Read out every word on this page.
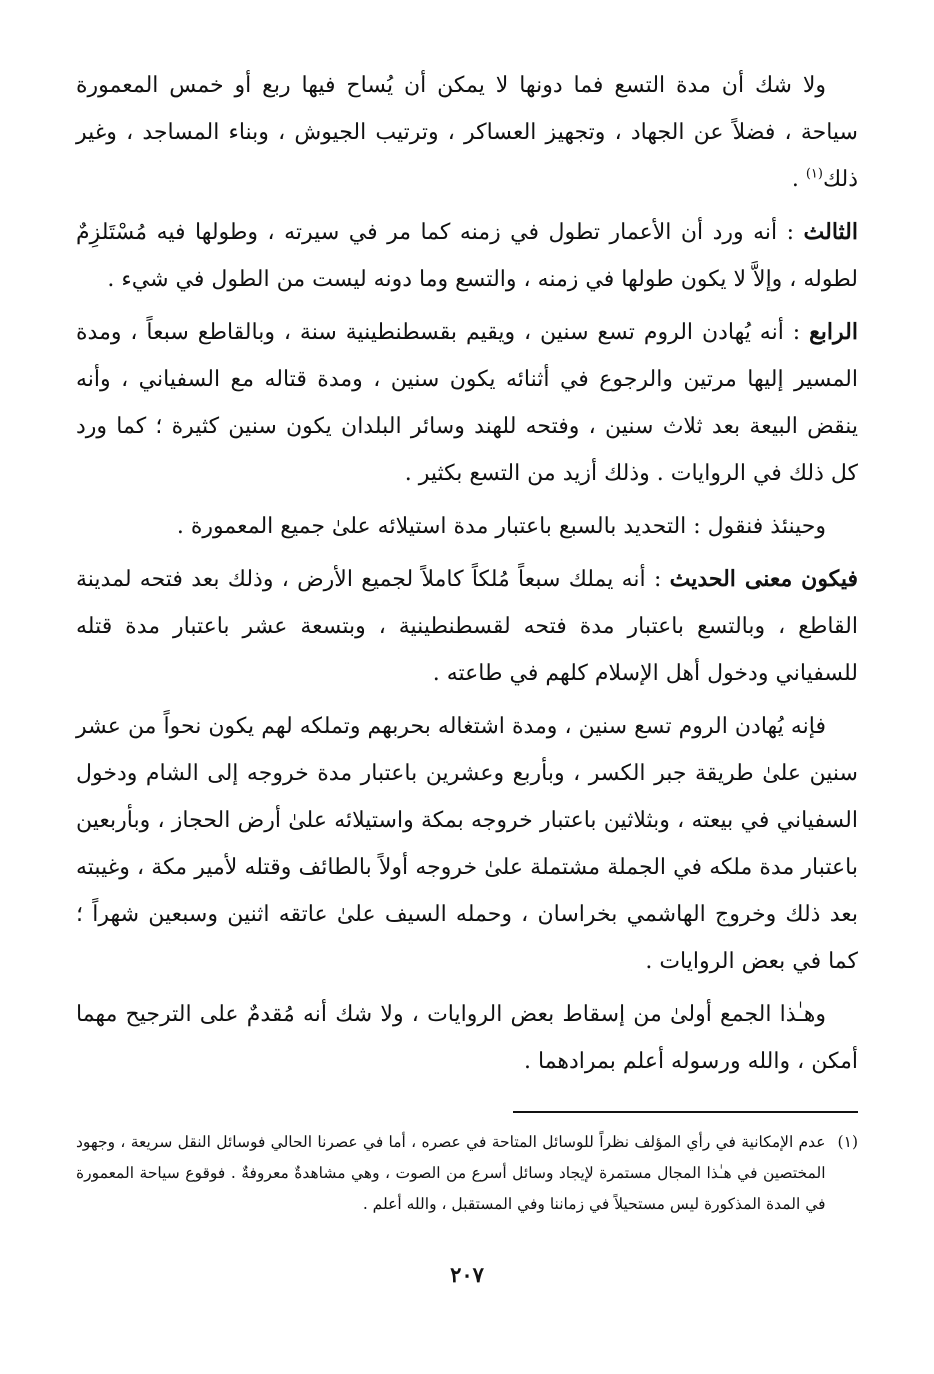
ولا شك أن مدة التسع فما دونها لا يمكن أن يُساح فيها ربع أو خمس المعمورة سياحة ، فضلاً عن الجهاد ، وتجهيز العساكر ، وترتيب الجيوش ، وبناء المساجد ، وغير ذلك$^{(١)}$ .

الثالث : أنه ورد أن الأعمار تطول في زمنه كما مر في سيرته ، وطولها فيه مُسْتَلزِمٌ لطوله ، وإلاَّ لا يكون طولها في زمنه ، والتسع وما دونه ليست من الطول في شيء .

الرابع : أنه يُهادن الروم تسع سنين ، ويقيم بقسطنطينية سنة ، وبالقاطع سبعاً ، ومدة المسير إليها مرتين والرجوع في أثنائه يكون سنين ، ومدة قتاله مع السفياني ، وأنه ينقض البيعة بعد ثلاث سنين ، وفتحه للهند وسائر البلدان يكون سنين كثيرة ؛ كما ورد كل ذلك في الروايات . وذلك أزيد من التسع بكثير .

وحينئذ فنقول : التحديد بالسبع باعتبار مدة استيلائه علىٰ جميع المعمورة .

فيكون معنى الحديث : أنه يملك سبعاً مُلكاً كاملاً لجميع الأرض ، وذلك بعد فتحه لمدينة القاطع ، وبالتسع باعتبار مدة فتحه لقسطنطينية ، وبتسعة عشر باعتبار مدة قتله للسفياني ودخول أهل الإسلام كلهم في طاعته .

فإنه يُهادن الروم تسع سنين ، ومدة اشتغاله بحربهم وتملكه لهم يكون نحواً من عشر سنين علىٰ طريقة جبر الكسر ، وبأربع وعشرين باعتبار مدة خروجه إلى الشام ودخول السفياني في بيعته ، وبثلاثين باعتبار خروجه بمكة واستيلائه علىٰ أرض الحجاز ، وبأربعين باعتبار مدة ملكه في الجملة مشتملة علىٰ خروجه أولاً بالطائف وقتله لأمير مكة ، وغيبته بعد ذلك وخروج الهاشمي بخراسان ، وحمله السيف علىٰ عاتقه اثنين وسبعين شهراً ؛ كما في بعض الروايات .

وهـٰذا الجمع أولىٰ من إسقاط بعض الروايات ، ولا شك أنه مُقدمٌ على الترجيح مهما أمكن ، والله ورسوله أعلم بمرادهما .

(١)
عدم الإمكانية في رأي المؤلف نظراً للوسائل المتاحة في عصره ، أما في عصرنا الحالي فوسائل النقل سريعة ، وجهود المختصين في هـٰذا المجال مستمرة لإيجاد وسائل أسرع من الصوت ، وهي مشاهدةٌ معروفةٌ . فوقوع سياحة المعمورة في المدة المذكورة ليس مستحيلاً في زماننا وفي المستقبل ، والله أعلم .
٢٠٧
